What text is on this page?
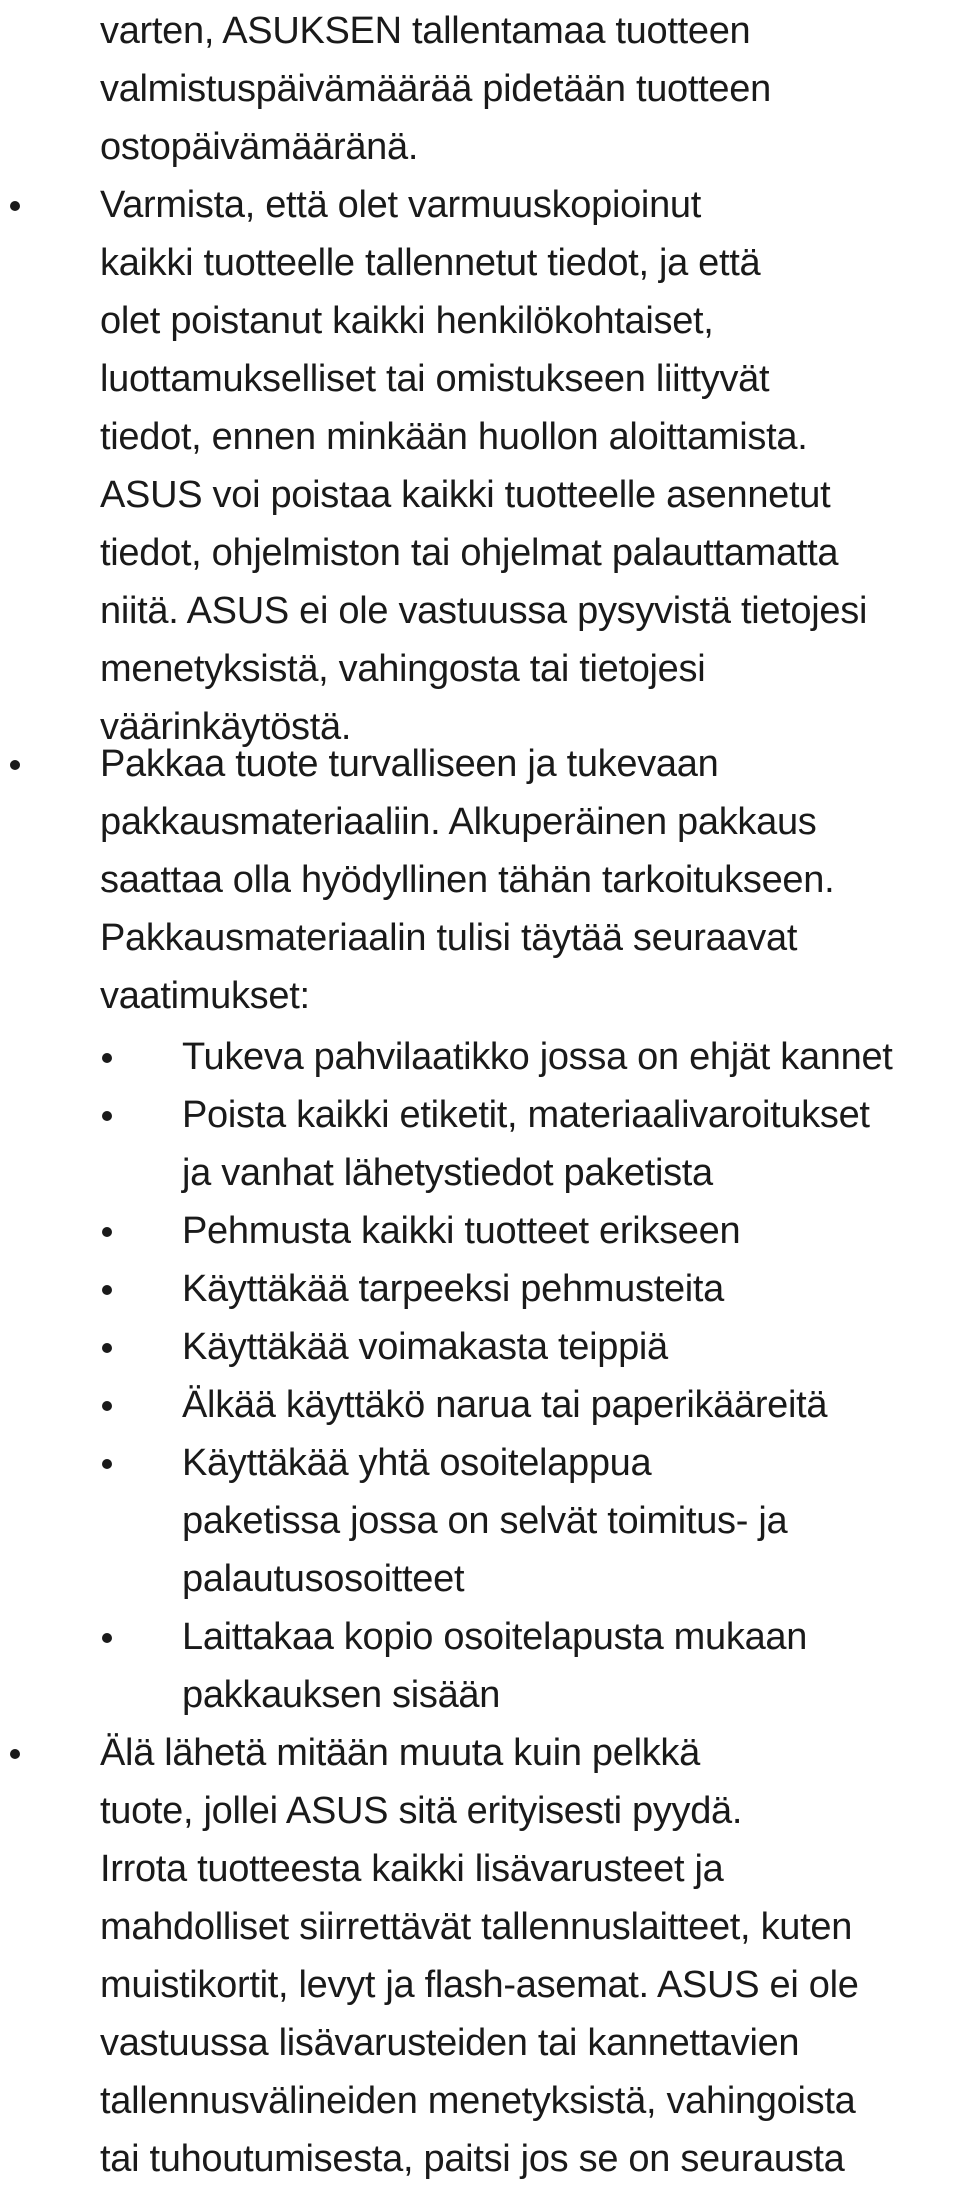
varten, ASUKSEN tallentamaa tuotteen
valmistuspäivämäärää pidetään tuotteen
ostopäivämääränä.

Varmista, että olet varmuuskopioinut
kaikki tuotteelle tallennetut tiedot, ja että
olet poistanut kaikki henkilökohtaiset,
luottamukselliset tai omistukseen liittyvät
tiedot, ennen minkään huollon aloittamista.
ASUS voi poistaa kaikki tuotteelle asennetut
tiedot, ohjelmiston tai ohjelmat palauttamatta
niitä. ASUS ei ole vastuussa pysyvistä tietojesi
menetyksistä, vahingosta tai tietojesi
väärinkäytöstä.

Pakkaa tuote turvalliseen ja tukevaan
pakkausmateriaaliin. Alkuperäinen pakkaus
saattaa olla hyödyllinen tähän tarkoitukseen.
Pakkausmateriaalin tulisi täytää seuraavat
vaatimukset:

Tukeva pahvilaatikko jossa on ehjät kannet

Poista kaikki etiketit, materiaalivaroitukset
ja vanhat lähetystiedot paketista

Pehmusta kaikki tuotteet erikseen

Käyttäkää tarpeeksi pehmusteita

Käyttäkää voimakasta teippiä

Älkää käyttäkö narua tai paperikääreitä

Käyttäkää yhtä osoitelappua
paketissa jossa on selvät toimitus- ja
palautusosoitteet

Laittakaa kopio osoitelapusta mukaan
pakkauksen sisään

Älä lähetä mitään muuta kuin pelkkä
tuote, jollei ASUS sitä erityisesti pyydä.
Irrota tuotteesta kaikki lisävarusteet ja
mahdolliset siirrettävät tallennuslaitteet, kuten
muistikortit, levyt ja flash-asemat. ASUS ei ole
vastuussa lisävarusteiden tai kannettavien
tallennusvälineiden menetyksistä, vahingoista
tai tuhoutumisesta, paitsi jos se on seurausta
